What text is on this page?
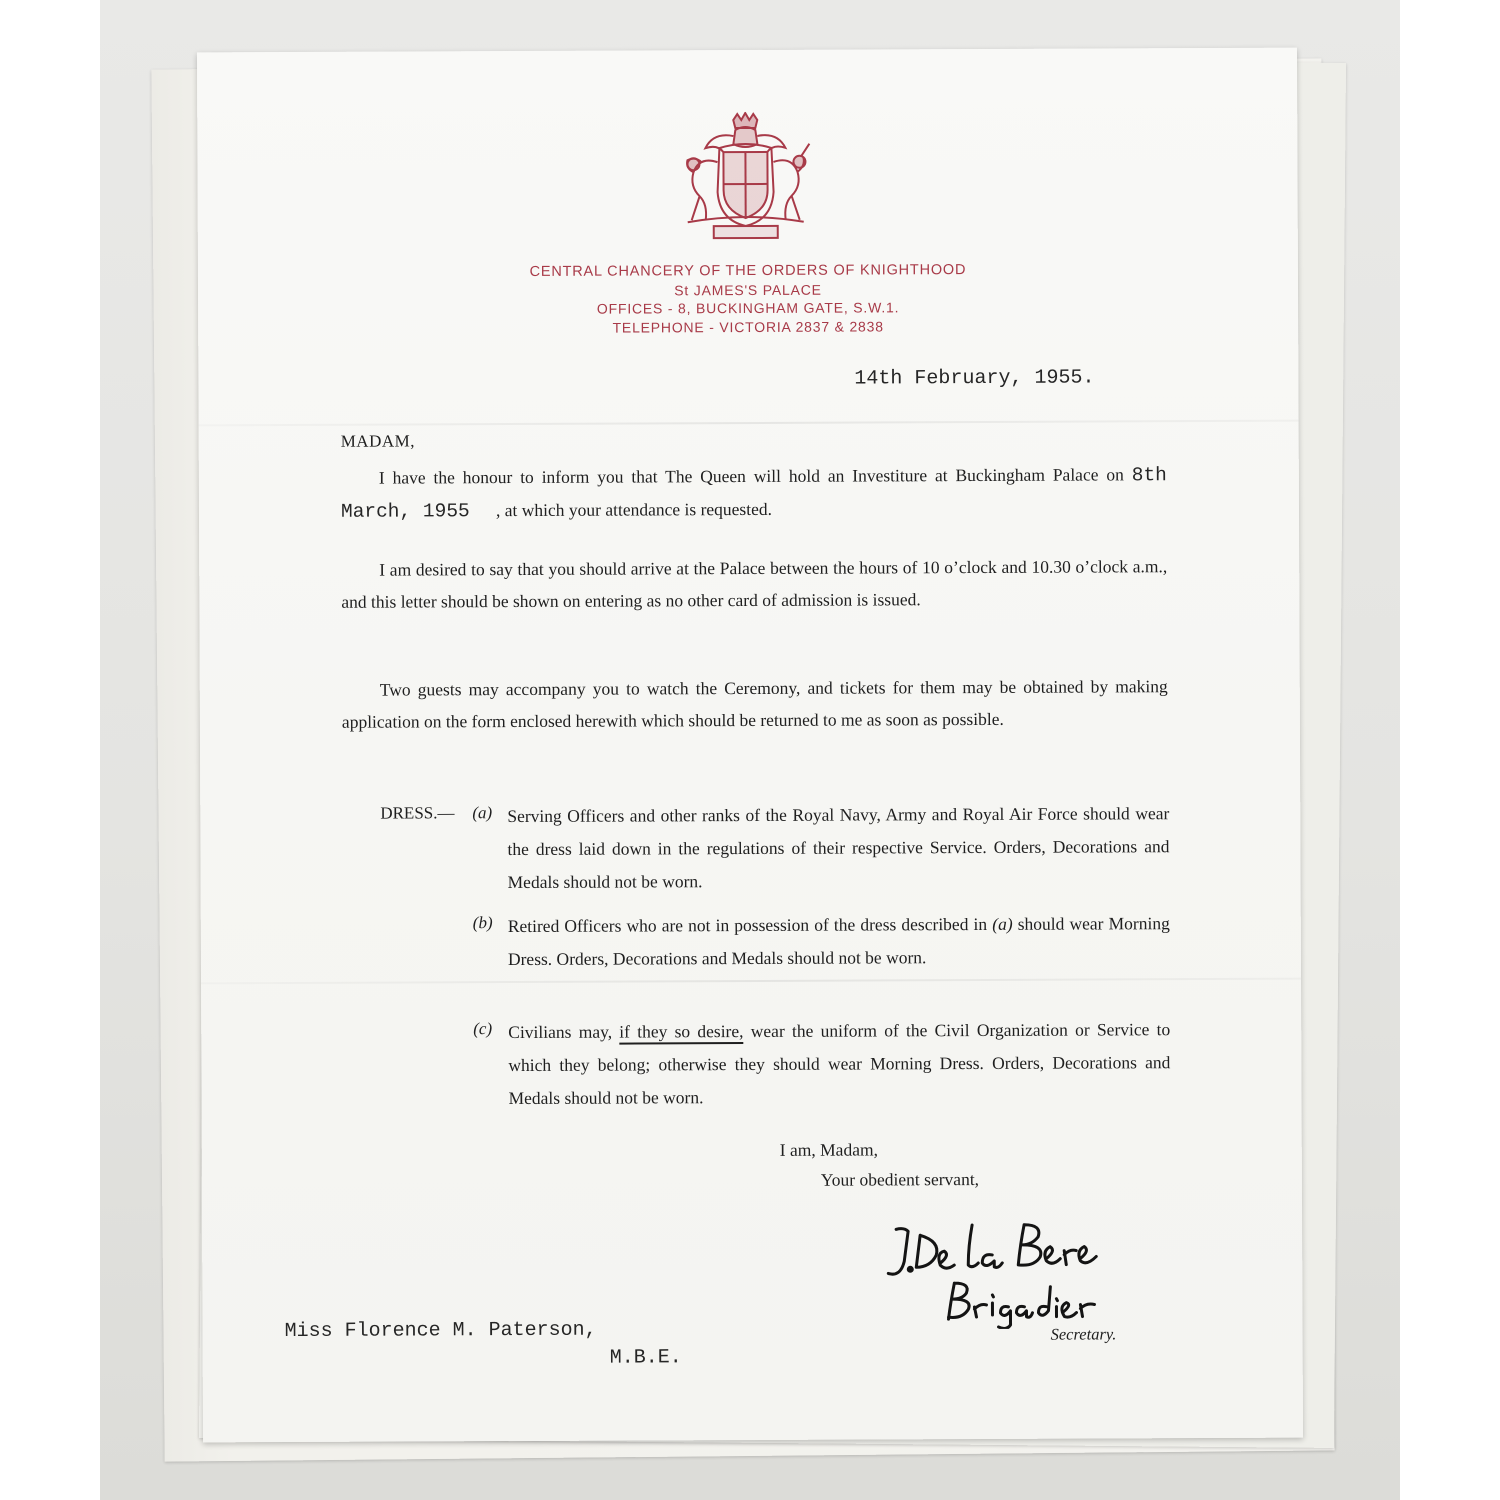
CENTRAL CHANCERY OF THE ORDERS OF KNIGHTHOOD
St JAMES'S PALACE
OFFICES - 8, BUCKINGHAM GATE, S.W.1.
TELEPHONE - VICTORIA 2837 & 2838
14th February, 1955.
MADAM,
I have the honour to inform you that The Queen will hold an Investiture at Buckingham Palace on 8th March, 1955 , at which your attendance is requested.
I am desired to say that you should arrive at the Palace between the hours of 10 o’clock and 10.30 o’clock a.m., and this letter should be shown on entering as no other card of admission is issued.
Two guests may accompany you to watch the Ceremony, and tickets for them may be obtained by making application on the form enclosed herewith which should be returned to me as soon as possible.
DRESS.— (a) Serving Officers and other ranks of the Royal Navy, Army and Royal Air Force should wear the dress laid down in the regulations of their respective Service. Orders, Decorations and Medals should not be worn.
(b) Retired Officers who are not in possession of the dress described in (a) should wear Morning Dress. Orders, Decorations and Medals should not be worn.
(c) Civilians may, if they so desire, wear the uniform of the Civil Organization or Service to which they belong; otherwise they should wear Morning Dress. Orders, Decorations and Medals should not be worn.
I am, Madam,
Your obedient servant,
Secretary.
Miss Florence M. Paterson,
M.B.E.
